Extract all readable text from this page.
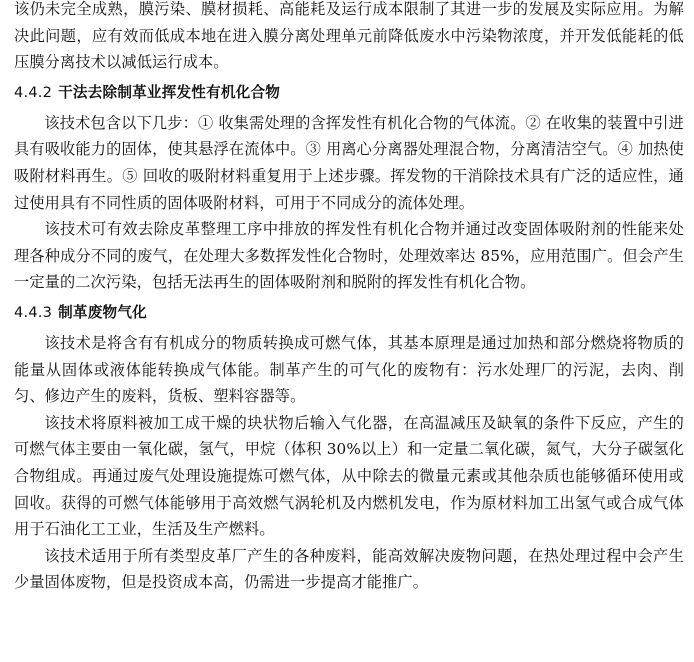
该仍未完全成熟，膜污染、膜材损耗、高能耗及运行成本限制了其进一步的发展及实际应用。为解决此问题，应有效而低成本地在进入膜分离处理单元前降低废水中污染物浓度，并开发低能耗的低压膜分离技术以减低运行成本。

4.4.2 干法去除制革业挥发性有机化合物

该技术包含以下几步：① 收集需处理的含挥发性有机化合物的气体流。② 在收集的装置中引进具有吸收能力的固体，使其悬浮在流体中。③ 用离心分离器处理混合物，分离清洁空气。④ 加热使吸附材料再生。⑤ 回收的吸附材料重复用于上述步骤。挥发物的干消除技术具有广泛的适应性，通过使用具有不同性质的固体吸附材料，可用于不同成分的流体处理。

该技术可有效去除皮革整理工序中排放的挥发性有机化合物并通过改变固体吸附剂的性能来处理各种成分不同的废气，在处理大多数挥发性化合物时，处理效率达 85%，应用范围广。但会产生一定量的二次污染，包括无法再生的固体吸附剂和脱附的挥发性有机化合物。

4.4.3 制革废物气化

该技术是将含有有机成分的物质转换成可燃气体，其基本原理是通过加热和部分燃烧将物质的能量从固体或液体能转换成气体能。制革产生的可气化的废物有：污水处理厂的污泥，去肉、削匀、修边产生的废料，货板、塑料容器等。

该技术将原料被加工成干燥的块状物后输入气化器，在高温减压及缺氧的条件下反应，产生的可燃气体主要由一氧化碳，氢气，甲烷（体积 30%以上）和一定量二氧化碳，氮气，大分子碳氢化合物组成。再通过废气处理设施提炼可燃气体，从中除去的微量元素或其他杂质也能够循环使用或回收。获得的可燃气体能够用于高效燃气涡轮机及内燃机发电，作为原材料加工出氢气或合成气体用于石油化工工业，生活及生产燃料。

该技术适用于所有类型皮革厂产生的各种废料，能高效解决废物问题，在热处理过程中会产生少量固体废物，但是投资成本高，仍需进一步提高才能推广。
